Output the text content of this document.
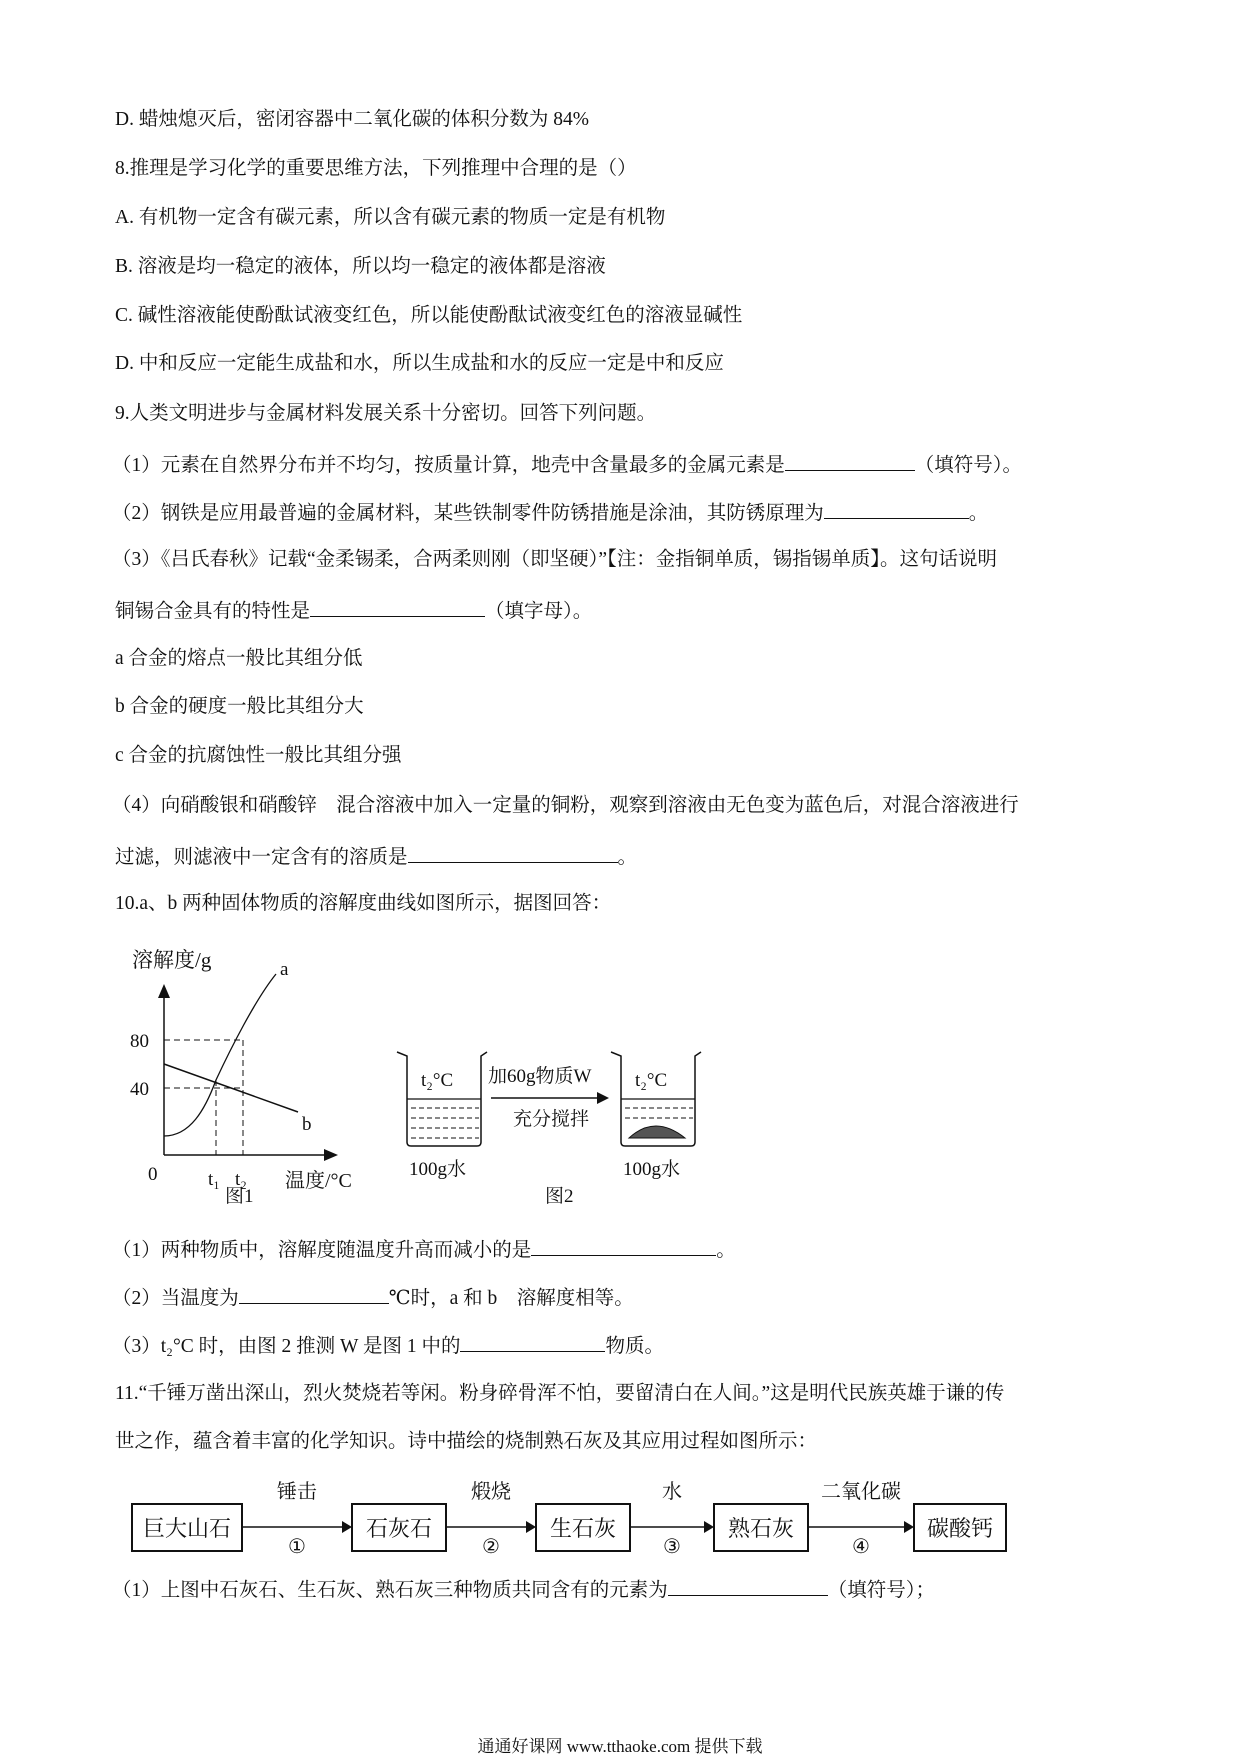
D. 蜡烛熄灭后，密闭容器中二氧化碳的体积分数为 84%
8.推理是学习化学的重要思维方法，下列推理中合理的是（）
A. 有机物一定含有碳元素，所以含有碳元素的物质一定是有机物
B. 溶液是均一稳定的液体，所以均一稳定的液体都是溶液
C. 碱性溶液能使酚酞试液变红色，所以能使酚酞试液变红色的溶液显碱性
D. 中和反应一定能生成盐和水，所以生成盐和水的反应一定是中和反应
9.人类文明进步与金属材料发展关系十分密切。回答下列问题。
（1）元素在自然界分布并不均匀，按质量计算，地壳中含量最多的金属元素是	（填符号）。
（2）钢铁是应用最普遍的金属材料，某些铁制零件防锈措施是涂油，其防锈原理为	。
（3）《吕氏春秋》记载“金柔锡柔，合两柔则刚（即坚硬）”【注：金指铜单质，锡指锡单质】。这句话说明
铜锡合金具有的特性是	（填字母）。
a 合金的熔点一般比其组分低
b 合金的硬度一般比其组分大
c 合金的抗腐蚀性一般比其组分强
（4）向硝酸银和硝酸锌　混合溶液中加入一定量的铜粉，观察到溶液由无色变为蓝色后，对混合溶液进行
过滤，则滤液中一定含有的溶质是	。
10.a、b 两种固体物质的溶解度曲线如图所示，据图回答：
溶解度/g	a
b
80
40
0	t₁ t₂ 温度/°C
图1
t₂°C
100g水
加60g物质W
充分搅拌
t₂°C
100g水
图2
（1）两种物质中，溶解度随温度升高而减小的是	。
（2）当温度为	℃时，a 和 b　溶解度相等。
（3）t₂°C 时，由图 2 推测 W 是图 1 中的	物质。
11.“千锤万凿出深山，烈火焚烧若等闲。粉身碎骨浑不怕，要留清白在人间。”这是明代民族英雄于谦的传
世之作，蕴含着丰富的化学知识。诗中描绘的烧制熟石灰及其应用过程如图所示：
巨大山石
锤击
①
石灰石
煅烧
②
生石灰
水
③
熟石灰
二氧化碳
④
碳酸钙
（1）上图中石灰石、生石灰、熟石灰三种物质共同含有的元素为	（填符号）；
通通好课网 www.tthaoke.com 提供下载
